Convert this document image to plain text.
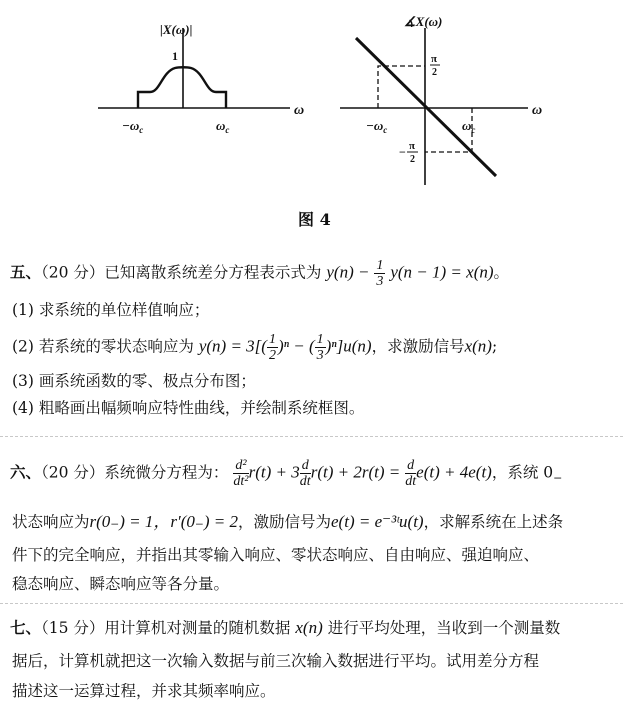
|X(ω)|
1
ω
$-\omega_c$	$\omega_c$
∡X(ω)
ω
$-\omega_c$	$\omega_c$
π
2
− π
2
图 4
五、（20 分）已知离散系统差分方程表示式为 $y(n) - \frac{1}{3} y(n - 1) = x(n)$。
(1) 求系统的单位样值响应；
(2) 若系统的零状态响应为 $y(n) = 3[( \frac{1}{2} )^n$ − ( $\frac{1}{3} )^n]u(n)$，求激励信号x(n);
(3) 画系统函数的零、极点分布图；
(4) 粗略画出幅频响应特性曲线，并绘制系统框图。
六、（20 分）系统微分方程为： $\frac{\text{d²}}{\text{dt²}} r(t) + 3 \frac{d}{dt} r(t) + 2r(t) = \frac{d}{dt} e(t) + 4e(t)$，系统 $0_-$
状态响应为r(0₋) = 1，r′(0₋) = 2，激励信号为e(t) = e⁻³ᵗu(t)，求解系统在上述条
件下的完全响应，并指出其零输入响应、零状态响应、自由响应、强迫响应、
稳态响应、瞬态响应等各分量。
七、（15 分）用计算机对测量的随机数据 x(n) 进行平均处理，当收到一个测量数
据后，计算机就把这一次输入数据与前三次输入数据进行平均。试用差分方程
描述这一运算过程，并求其频率响应。
